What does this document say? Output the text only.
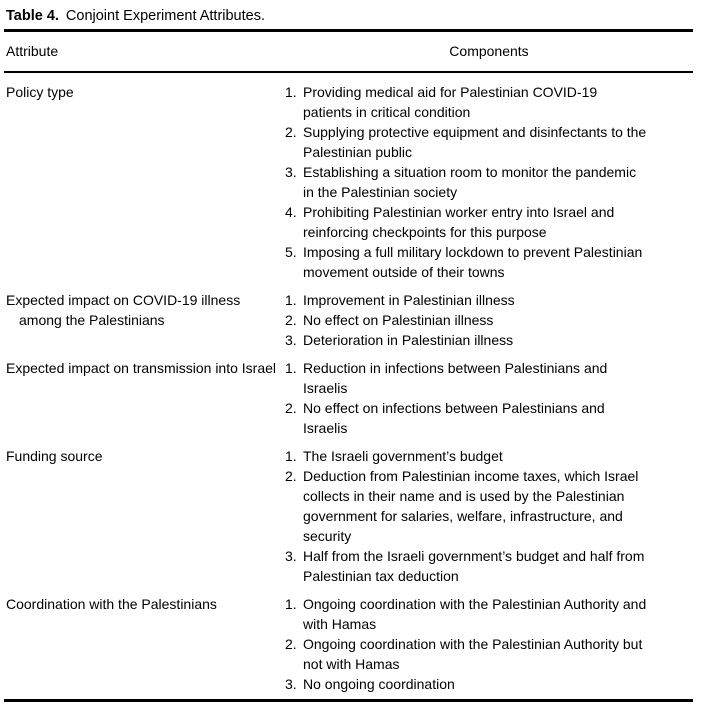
Table 4. Conjoint Experiment Attributes.

Attribute	Components

Policy type	1. Providing medical aid for Palestinian COVID-19 patients in critical condition
2. Supplying protective equipment and disinfectants to the Palestinian public
3. Establishing a situation room to monitor the pandemic in the Palestinian society
4. Prohibiting Palestinian worker entry into Israel and reinforcing checkpoints for this purpose
5. Imposing a full military lockdown to prevent Palestinian movement outside of their towns

Expected impact on COVID-19 illness among the Palestinians	1. Improvement in Palestinian illness
2. No effect on Palestinian illness
3. Deterioration in Palestinian illness

Expected impact on transmission into Israel	1. Reduction in infections between Palestinians and Israelis
2. No effect on infections between Palestinians and Israelis

Funding source	1. The Israeli government’s budget
2. Deduction from Palestinian income taxes, which Israel collects in their name and is used by the Palestinian government for salaries, welfare, infrastructure, and security
3. Half from the Israeli government’s budget and half from Palestinian tax deduction

Coordination with the Palestinians	1. Ongoing coordination with the Palestinian Authority and with Hamas
2. Ongoing coordination with the Palestinian Authority but not with Hamas
3. No ongoing coordination
